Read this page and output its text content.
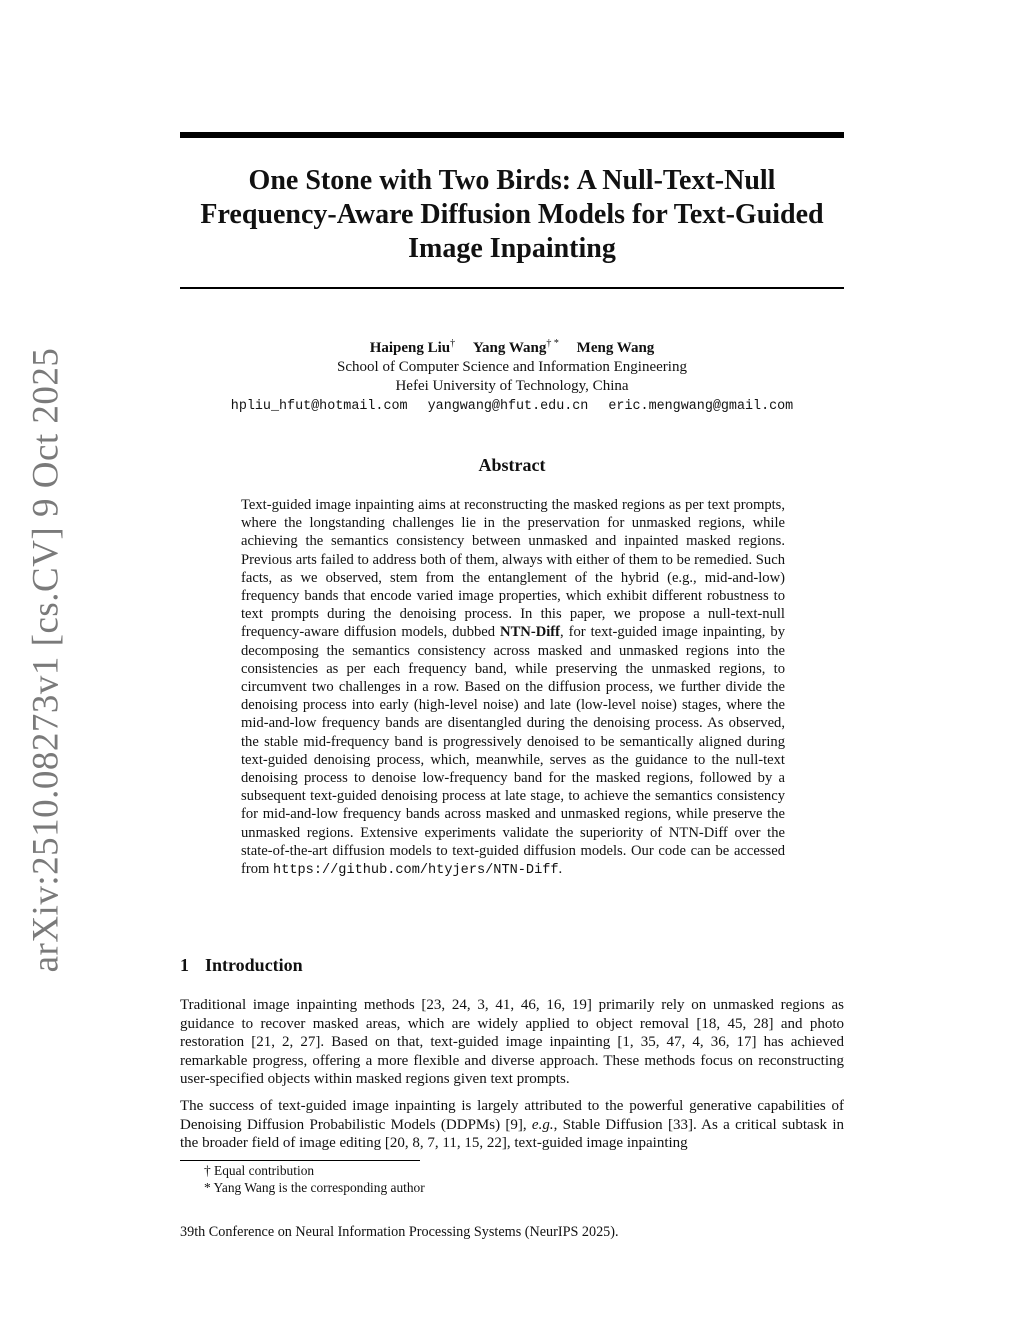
arXiv:2510.08273v1 [cs.CV] 9 Oct 2025
One Stone with Two Birds: A Null-Text-Null
Frequency-Aware Diffusion Models for Text-Guided
Image Inpainting
Haipeng Liu† Yang Wang† * Meng Wang
School of Computer Science and Information Engineering
Hefei University of Technology, China
hpliu_hfut@hotmail.com yangwang@hfut.edu.cn eric.mengwang@gmail.com
Abstract

Text-guided image inpainting aims at reconstructing the masked regions as per text prompts, where the longstanding challenges lie in the preservation for unmasked regions, while achieving the semantics consistency between unmasked and inpainted masked regions. Previous arts failed to address both of them, always with either of them to be remedied. Such facts, as we observed, stem from the entanglement of the hybrid (e.g., mid-and-low) frequency bands that encode varied image properties, which exhibit different robustness to text prompts during the denoising process. In this paper, we propose a null-text-null frequency-aware diffusion models, dubbed NTN-Diff, for text-guided image inpainting, by decomposing the semantics consistency across masked and unmasked regions into the consistencies as per each frequency band, while preserving the unmasked regions, to circumvent two challenges in a row. Based on the diffusion process, we further divide the denoising process into early (high-level noise) and late (low-level noise) stages, where the mid-and-low frequency bands are disentangled during the denoising process. As observed, the stable mid-frequency band is progressively denoised to be semantically aligned during text-guided denoising process, which, meanwhile, serves as the guidance to the null-text denoising process to denoise low-frequency band for the masked regions, followed by a subsequent text-guided denoising process at late stage, to achieve the semantics consistency for mid-and-low frequency bands across masked and unmasked regions, while preserve the unmasked regions. Extensive experiments validate the superiority of NTN-Diff over the state-of-the-art diffusion models to text-guided diffusion models. Our code can be accessed from https://github.com/htyjers/NTN-Diff.

1 Introduction

Traditional image inpainting methods [23, 24, 3, 41, 46, 16, 19] primarily rely on unmasked regions as guidance to recover masked areas, which are widely applied to object removal [18, 45, 28] and photo restoration [21, 2, 27]. Based on that, text-guided image inpainting [1, 35, 47, 4, 36, 17] has achieved remarkable progress, offering a more flexible and diverse approach. These methods focus on reconstructing user-specified objects within masked regions given text prompts.

The success of text-guided image inpainting is largely attributed to the powerful generative capabilities of Denoising Diffusion Probabilistic Models (DDPMs) [9], e.g., Stable Diffusion [33]. As a critical subtask in the broader field of image editing [20, 8, 7, 11, 15, 22], text-guided image inpainting

† Equal contribution
* Yang Wang is the corresponding author
39th Conference on Neural Information Processing Systems (NeurIPS 2025).
